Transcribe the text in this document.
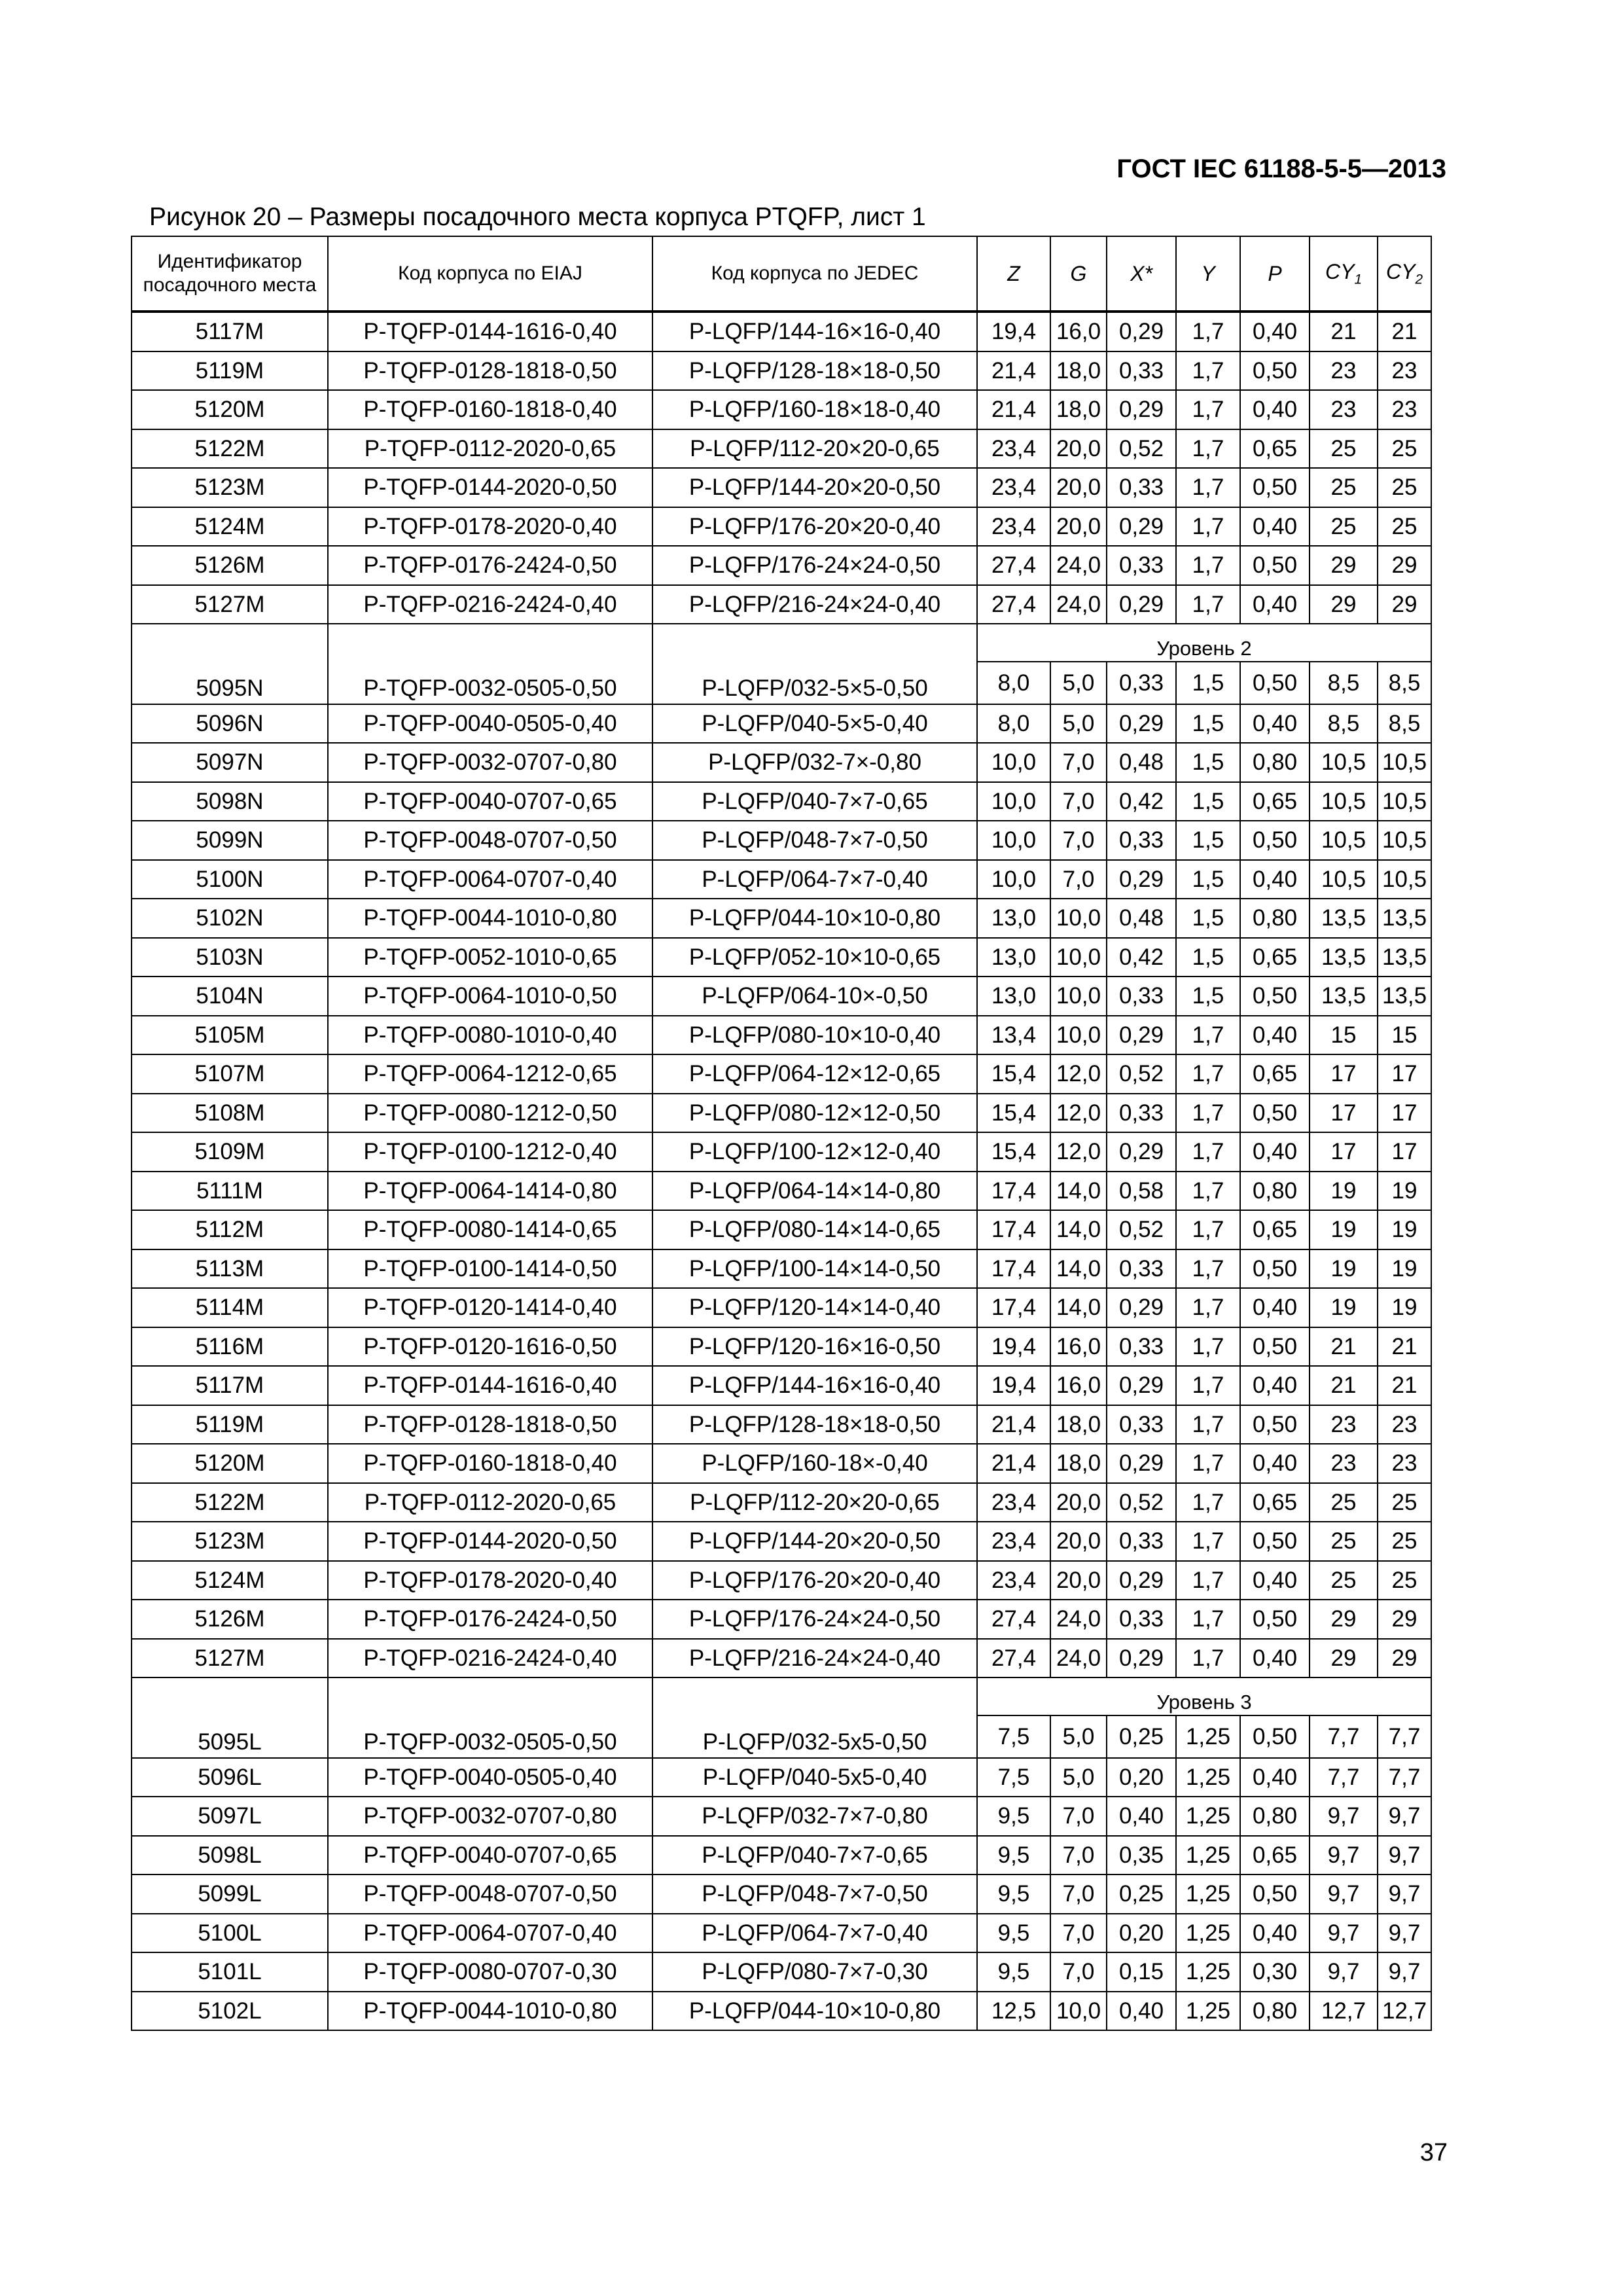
ГОСТ IEC 61188-5-5—2013
Рисунок 20 – Размеры посадочного места корпуса PTQFP, лист 1
Идентификатор посадочного места	Код корпуса по EIAJ	Код корпуса по JEDEC	Z	G	X*	Y	P	$CY_1$	$CY_2$
5117M	P-TQFP-0144-1616-0,40	P-LQFP/144-16×16-0,40	19,4	16,0	0,29	1,7	0,40	21	21
5119M	P-TQFP-0128-1818-0,50	P-LQFP/128-18×18-0,50	21,4	18,0	0,33	1,7	0,50	23	23
5120M	P-TQFP-0160-1818-0,40	P-LQFP/160-18×18-0,40	21,4	18,0	0,29	1,7	0,40	23	23
5122M	P-TQFP-0112-2020-0,65	P-LQFP/112-20×20-0,65	23,4	20,0	0,52	1,7	0,65	25	25
5123M	P-TQFP-0144-2020-0,50	P-LQFP/144-20×20-0,50	23,4	20,0	0,33	1,7	0,50	25	25
5124M	P-TQFP-0178-2020-0,40	P-LQFP/176-20×20-0,40	23,4	20,0	0,29	1,7	0,40	25	25
5126M	P-TQFP-0176-2424-0,50	P-LQFP/176-24×24-0,50	27,4	24,0	0,33	1,7	0,50	29	29
5127M	P-TQFP-0216-2424-0,40	P-LQFP/216-24×24-0,40	27,4	24,0	0,29	1,7	0,40	29	29
			Уровень 2						
5095N	P-TQFP-0032-0505-0,50	P-LQFP/032-5×5-0,50	8,0	5,0	0,33	1,5	0,50	8,5	8,5
5096N	P-TQFP-0040-0505-0,40	P-LQFP/040-5×5-0,40	8,0	5,0	0,29	1,5	0,40	8,5	8,5
5097N	P-TQFP-0032-0707-0,80	P-LQFP/032-7×-0,80	10,0	7,0	0,48	1,5	0,80	10,5	10,5
5098N	P-TQFP-0040-0707-0,65	P-LQFP/040-7×7-0,65	10,0	7,0	0,42	1,5	0,65	10,5	10,5
5099N	P-TQFP-0048-0707-0,50	P-LQFP/048-7×7-0,50	10,0	7,0	0,33	1,5	0,50	10,5	10,5
5100N	P-TQFP-0064-0707-0,40	P-LQFP/064-7×7-0,40	10,0	7,0	0,29	1,5	0,40	10,5	10,5
5102N	P-TQFP-0044-1010-0,80	P-LQFP/044-10×10-0,80	13,0	10,0	0,48	1,5	0,80	13,5	13,5
5103N	P-TQFP-0052-1010-0,65	P-LQFP/052-10×10-0,65	13,0	10,0	0,42	1,5	0,65	13,5	13,5
5104N	P-TQFP-0064-1010-0,50	P-LQFP/064-10×-0,50	13,0	10,0	0,33	1,5	0,50	13,5	13,5
5105M	P-TQFP-0080-1010-0,40	P-LQFP/080-10×10-0,40	13,4	10,0	0,29	1,7	0,40	15	15
5107M	P-TQFP-0064-1212-0,65	P-LQFP/064-12×12-0,65	15,4	12,0	0,52	1,7	0,65	17	17
5108M	P-TQFP-0080-1212-0,50	P-LQFP/080-12×12-0,50	15,4	12,0	0,33	1,7	0,50	17	17
5109M	P-TQFP-0100-1212-0,40	P-LQFP/100-12×12-0,40	15,4	12,0	0,29	1,7	0,40	17	17
5111M	P-TQFP-0064-1414-0,80	P-LQFP/064-14×14-0,80	17,4	14,0	0,58	1,7	0,80	19	19
5112M	P-TQFP-0080-1414-0,65	P-LQFP/080-14×14-0,65	17,4	14,0	0,52	1,7	0,65	19	19
5113M	P-TQFP-0100-1414-0,50	P-LQFP/100-14×14-0,50	17,4	14,0	0,33	1,7	0,50	19	19
5114M	P-TQFP-0120-1414-0,40	P-LQFP/120-14×14-0,40	17,4	14,0	0,29	1,7	0,40	19	19
5116M	P-TQFP-0120-1616-0,50	P-LQFP/120-16×16-0,50	19,4	16,0	0,33	1,7	0,50	21	21
5117M	P-TQFP-0144-1616-0,40	P-LQFP/144-16×16-0,40	19,4	16,0	0,29	1,7	0,40	21	21
5119M	P-TQFP-0128-1818-0,50	P-LQFP/128-18×18-0,50	21,4	18,0	0,33	1,7	0,50	23	23
5120M	P-TQFP-0160-1818-0,40	P-LQFP/160-18×-0,40	21,4	18,0	0,29	1,7	0,40	23	23
5122M	P-TQFP-0112-2020-0,65	P-LQFP/112-20×20-0,65	23,4	20,0	0,52	1,7	0,65	25	25
5123M	P-TQFP-0144-2020-0,50	P-LQFP/144-20×20-0,50	23,4	20,0	0,33	1,7	0,50	25	25
5124M	P-TQFP-0178-2020-0,40	P-LQFP/176-20×20-0,40	23,4	20,0	0,29	1,7	0,40	25	25
5126M	P-TQFP-0176-2424-0,50	P-LQFP/176-24×24-0,50	27,4	24,0	0,33	1,7	0,50	29	29
5127M	P-TQFP-0216-2424-0,40	P-LQFP/216-24×24-0,40	27,4	24,0	0,29	1,7	0,40	29	29
			Уровень 3						
5095L	P-TQFP-0032-0505-0,50	P-LQFP/032-5x5-0,50	7,5	5,0	0,25	1,25	0,50	7,7	7,7
5096L	P-TQFP-0040-0505-0,40	P-LQFP/040-5x5-0,40	7,5	5,0	0,20	1,25	0,40	7,7	7,7
5097L	P-TQFP-0032-0707-0,80	P-LQFP/032-7×7-0,80	9,5	7,0	0,40	1,25	0,80	9,7	9,7
5098L	P-TQFP-0040-0707-0,65	P-LQFP/040-7×7-0,65	9,5	7,0	0,35	1,25	0,65	9,7	9,7
5099L	P-TQFP-0048-0707-0,50	P-LQFP/048-7×7-0,50	9,5	7,0	0,25	1,25	0,50	9,7	9,7
5100L	P-TQFP-0064-0707-0,40	P-LQFP/064-7×7-0,40	9,5	7,0	0,20	1,25	0,40	9,7	9,7
5101L	P-TQFP-0080-0707-0,30	P-LQFP/080-7×7-0,30	9,5	7,0	0,15	1,25	0,30	9,7	9,7
5102L	P-TQFP-0044-1010-0,80	P-LQFP/044-10×10-0,80	12,5	10,0	0,40	1,25	0,80	12,7	12,7
37
